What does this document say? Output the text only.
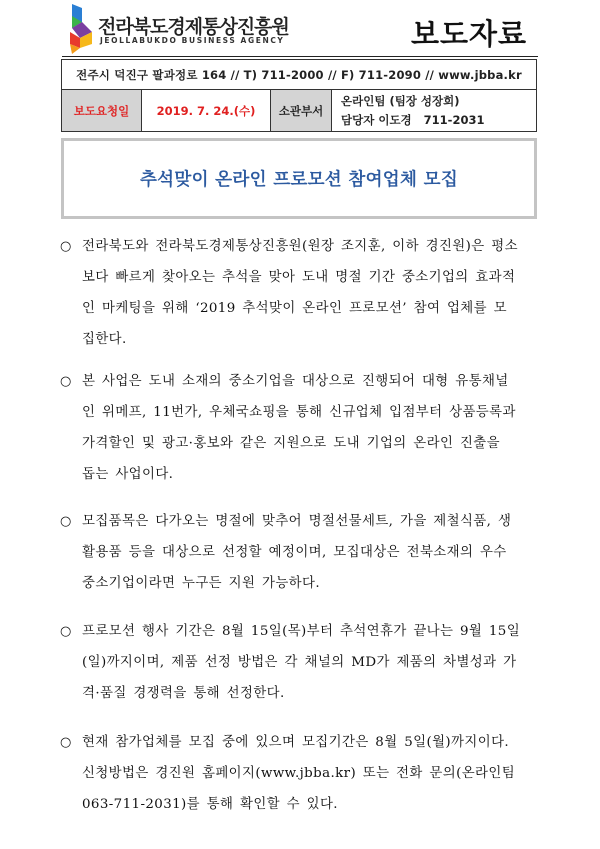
전라북도경제통상진흥원
JEOLLABUKDO BUSINESS AGENCY	보도자료
전주시 덕진구 팔과정로 164 // T) 711-2000 // F) 711-2090 // www.jbba.kr
보도요청일	2019. 7. 24.(수)	소관부서	
온라인팀 (팀장 성장희)
담당자 이도경   711-2031
추석맞이 온라인 프로모션 참여업체 모집
○ 전라북도와 전라북도경제통상진흥원(원장 조지훈, 이하 경진원)은 평소
보다 빠르게 찾아오는 추석을 맞아 도내 명절 기간 중소기업의 효과적
인 마케팅을 위해 ‘2019 추석맞이 온라인 프로모션’ 참여 업체를 모
집한다.
○ 본 사업은 도내 소재의 중소기업을 대상으로 진행되어 대형 유통채널
인 위메프, 11번가, 우체국쇼핑을 통해 신규업체 입점부터 상품등록과
가격할인 및 광고·홍보와 같은 지원으로 도내 기업의 온라인 진출을
돕는 사업이다.
○ 모집품목은 다가오는 명절에 맞추어 명절선물세트, 가을 제철식품, 생
활용품 등을 대상으로 선정할 예정이며, 모집대상은 전북소재의 우수
중소기업이라면 누구든 지원 가능하다.
○ 프로모션 행사 기간은 8월 15일(목)부터 추석연휴가 끝나는 9월 15일
(일)까지이며, 제품 선정 방법은 각 채널의 MD가 제품의 차별성과 가
격·품질 경쟁력을 통해 선정한다.
○ 현재 참가업체를 모집 중에 있으며 모집기간은 8월 5일(월)까지이다.
신청방법은 경진원 홈페이지(www.jbba.kr) 또는 전화 문의(온라인팀
063-711-2031)를 통해 확인할 수 있다.
